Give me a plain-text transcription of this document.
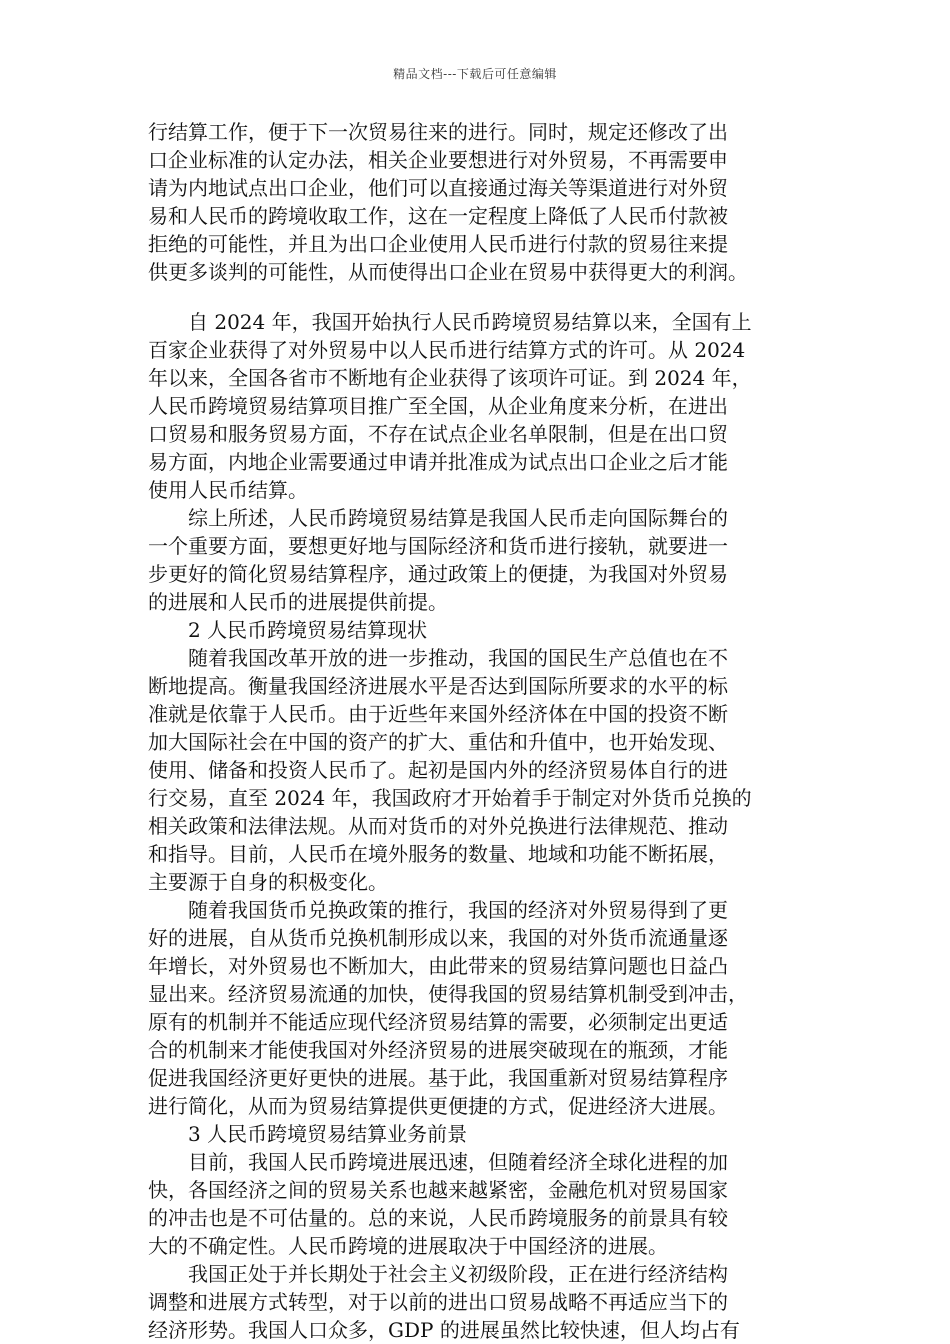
精品文档---下载后可任意编辑
行结算工作，便于下一次贸易往来的进行。同时，规定还修改了出
口企业标准的认定办法，相关企业要想进行对外贸易，不再需要申
请为内地试点出口企业，他们可以直接通过海关等渠道进行对外贸
易和人民币的跨境收取工作，这在一定程度上降低了人民币付款被
拒绝的可能性，并且为出口企业使用人民币进行付款的贸易往来提
供更多谈判的可能性，从而使得出口企业在贸易中获得更大的利润。
　　自 2024 年，我国开始执行人民币跨境贸易结算以来，全国有上
百家企业获得了对外贸易中以人民币进行结算方式的许可。从 2024
年以来，全国各省市不断地有企业获得了该项许可证。到 2024 年，
人民币跨境贸易结算项目推广至全国，从企业角度来分析，在进出
口贸易和服务贸易方面，不存在试点企业名单限制，但是在出口贸
易方面，内地企业需要通过申请并批准成为试点出口企业之后才能
使用人民币结算。
　　综上所述，人民币跨境贸易结算是我国人民币走向国际舞台的
一个重要方面，要想更好地与国际经济和货币进行接轨，就要进一
步更好的简化贸易结算程序，通过政策上的便捷，为我国对外贸易
的进展和人民币的进展提供前提。
　　2 人民币跨境贸易结算现状
　　随着我国改革开放的进一步推动，我国的国民生产总值也在不
断地提高。衡量我国经济进展水平是否达到国际所要求的水平的标
准就是依靠于人民币。由于近些年来国外经济体在中国的投资不断
加大国际社会在中国的资产的扩大、重估和升值中，也开始发现、
使用、储备和投资人民币了。起初是国内外的经济贸易体自行的进
行交易，直至 2024 年，我国政府才开始着手于制定对外货币兑换的
相关政策和法律法规。从而对货币的对外兑换进行法律规范、推动
和指导。目前，人民币在境外服务的数量、地域和功能不断拓展，
主要源于自身的积极变化。
　　随着我国货币兑换政策的推行，我国的经济对外贸易得到了更
好的进展，自从货币兑换机制形成以来，我国的对外货币流通量逐
年增长，对外贸易也不断加大，由此带来的贸易结算问题也日益凸
显出来。经济贸易流通的加快，使得我国的贸易结算机制受到冲击，
原有的机制并不能适应现代经济贸易结算的需要，必须制定出更适
合的机制来才能使我国对外经济贸易的进展突破现在的瓶颈，才能
促进我国经济更好更快的进展。基于此，我国重新对贸易结算程序
进行简化，从而为贸易结算提供更便捷的方式，促进经济大进展。
　　3 人民币跨境贸易结算业务前景
　　目前，我国人民币跨境进展迅速，但随着经济全球化进程的加
快，各国经济之间的贸易关系也越来越紧密，金融危机对贸易国家
的冲击也是不可估量的。总的来说，人民币跨境服务的前景具有较
大的不确定性。人民币跨境的进展取决于中国经济的进展。
　　我国正处于并长期处于社会主义初级阶段，正在进行经济结构
调整和进展方式转型，对于以前的进出口贸易战略不再适应当下的
经济形势。我国人口众多，GDP 的进展虽然比较快速，但人均占有
